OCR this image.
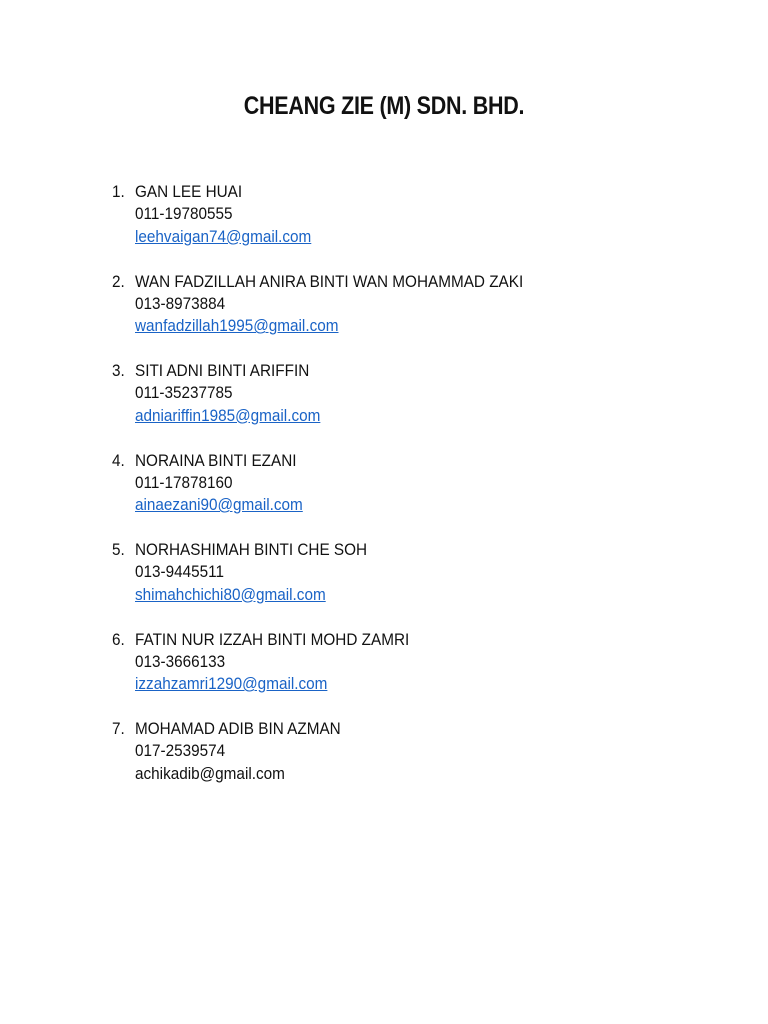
CHEANG ZIE (M) SDN. BHD.
1. GAN LEE HUAI
011-19780555
leehvaigan74@gmail.com
2. WAN FADZILLAH ANIRA BINTI WAN MOHAMMAD ZAKI
013-8973884
wanfadzillah1995@gmail.com
3. SITI ADNI BINTI ARIFFIN
011-35237785
adniariffin1985@gmail.com
4. NORAINA BINTI EZANI
011-17878160
ainaezani90@gmail.com
5. NORHASHIMAH BINTI CHE SOH
013-9445511
shimahchichi80@gmail.com
6. FATIN NUR IZZAH BINTI MOHD ZAMRI
013-3666133
izzahzamri1290@gmail.com
7. MOHAMAD ADIB BIN AZMAN
017-2539574
achikadib@gmail.com
